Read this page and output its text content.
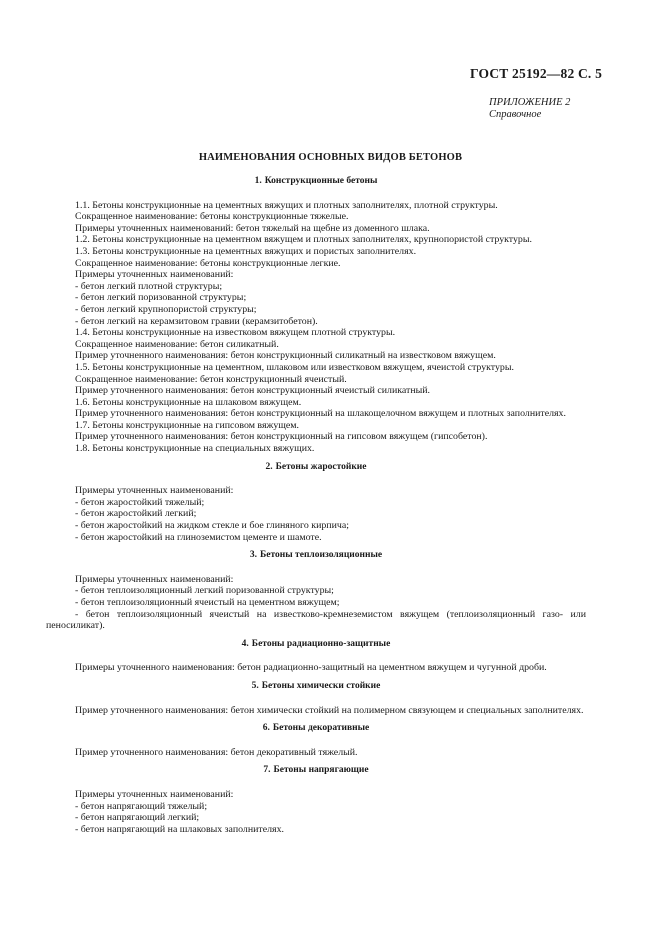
ГОСТ 25192—82 С. 5
ПРИЛОЖЕНИЕ 2
Справочное
НАИМЕНОВАНИЯ ОСНОВНЫХ ВИДОВ БЕТОНОВ
1. Конструкционные бетоны

1.1. Бетоны конструкционные на цементных вяжущих и плотных заполнителях, плотной структуры.

Сокращенное наименование: бетоны конструкционные тяжелые.

Примеры уточненных наименований: бетон тяжелый на щебне из доменного шлака.

1.2. Бетоны конструкционные на цементном вяжущем и плотных заполнителях, крупнопористой структуры.

1.3. Бетоны конструкционные на цементных вяжущих и пористых заполнителях.

Сокращенное наименование: бетоны конструкционные легкие.

Примеры уточненных наименований:

- бетон легкий плотной структуры;

- бетон легкий поризованной структуры;

- бетон легкий крупнопористой структуры;

- бетон легкий на керамзитовом гравии (керамзитобетон).

1.4. Бетоны конструкционные на известковом вяжущем плотной структуры.

Сокращенное наименование: бетон силикатный.

Пример уточненного наименования: бетон конструкционный силикатный на известковом вяжущем.

1.5. Бетоны конструкционные на цементном, шлаковом или известковом вяжущем, ячеистой структуры.

Сокращенное наименование: бетон конструкционный ячеистый.

Пример уточненного наименования: бетон конструкционный ячеистый силикатный.

1.6. Бетоны конструкционные на шлаковом вяжущем.

Пример уточненного наименования: бетон конструкционный на шлакощелочном вяжущем и плотных заполнителях.

1.7. Бетоны конструкционные на гипсовом вяжущем.

Пример уточненного наименования: бетон конструкционный на гипсовом вяжущем (гипсобетон).

1.8. Бетоны конструкционные на специальных вяжущих.

2. Бетоны жаростойкие

Примеры уточненных наименований:

- бетон жаростойкий тяжелый;

- бетон жаростойкий легкий;

- бетон жаростойкий на жидком стекле и бое глиняного кирпича;

- бетон жаростойкий на глиноземистом цементе и шамоте.

3. Бетоны теплоизоляционные

Примеры уточненных наименований:

- бетон теплоизоляционный легкий поризованной структуры;

- бетон теплоизоляционный ячеистый на цементном вяжущем;

- бетон теплоизоляционный ячеистый на известково-кремнеземистом вяжущем (теплоизоляционный газо- или пеносиликат).

4. Бетоны радиационно-защитные

Примеры уточненного наименования: бетон радиационно-защитный на цементном вяжущем и чугунной дроби.

5. Бетоны химически стойкие

Пример уточненного наименования: бетон химически стойкий на полимерном связующем и специальных заполнителях.

6. Бетоны декоративные

Пример уточненного наименования: бетон декоративный тяжелый.

7. Бетоны напрягающие

Примеры уточненных наименований:

- бетон напрягающий тяжелый;

- бетон напрягающий легкий;

- бетон напрягающий на шлаковых заполнителях.
